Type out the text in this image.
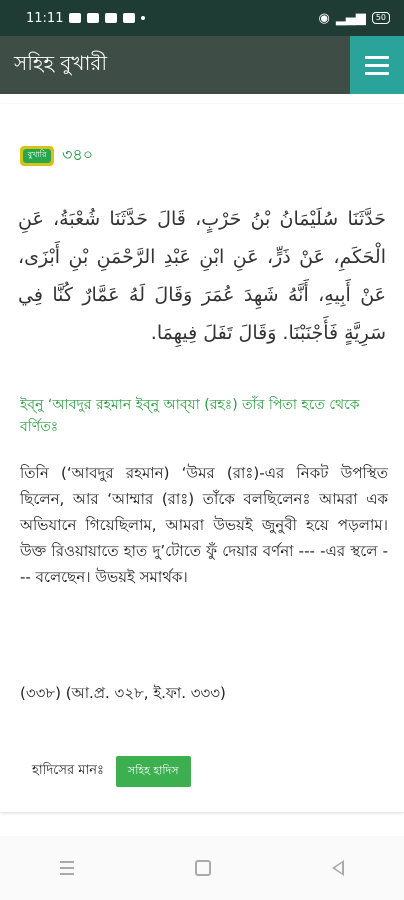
11:11	◉ ▂▄▆	50
সহিহ বুখারী
বুখারি ৩৪০
حَدَّثَنَا سُلَيْمَانُ بْنُ حَرْبٍ، قَالَ حَدَّثَنَا شُعْبَةُ، عَنِ الْحَكَمِ، عَنْ ذَرٍّ، عَنِ ابْنِ عَبْدِ الرَّحْمَنِ بْنِ أَبْزَى، عَنْ أَبِيهِ، أَنَّهُ شَهِدَ عُمَرَ وَقَالَ لَهُ عَمَّارٌ كُنَّا فِي سَرِيَّةٍ فَأَجْنَبْنَا‏.‏ وَقَالَ تَفَلَ فِيهِمَا‏.‏
ইব্‌নু ‘আবদুর রহমান ইব্‌নু আব্‌যা (রহঃ) তাঁর পিতা হতে থেকে বর্ণিতঃ
তিনি (‘আবদুর রহমান) ‘উমর (রাঃ)-এর নিকট উপস্থিত ছিলেন, আর ‘আম্মার (রাঃ) তাঁকে বলছিলেনঃ আমরা এক অভিযানে গিয়েছিলাম, আমরা উভয়ই জুনুবী হয়ে পড়লাম। উক্ত রিওয়ায়াতে হাত দু’টোতে ফুঁ দেয়ার বর্ণনা --- -এর স্থলে --- বলেছেন। উভয়ই সমার্থক।
(৩৩৮) (আ.প্র. ৩২৮, ই.ফা. ৩৩৩)
হাদিসের মানঃ	সহিহ হাদিস
